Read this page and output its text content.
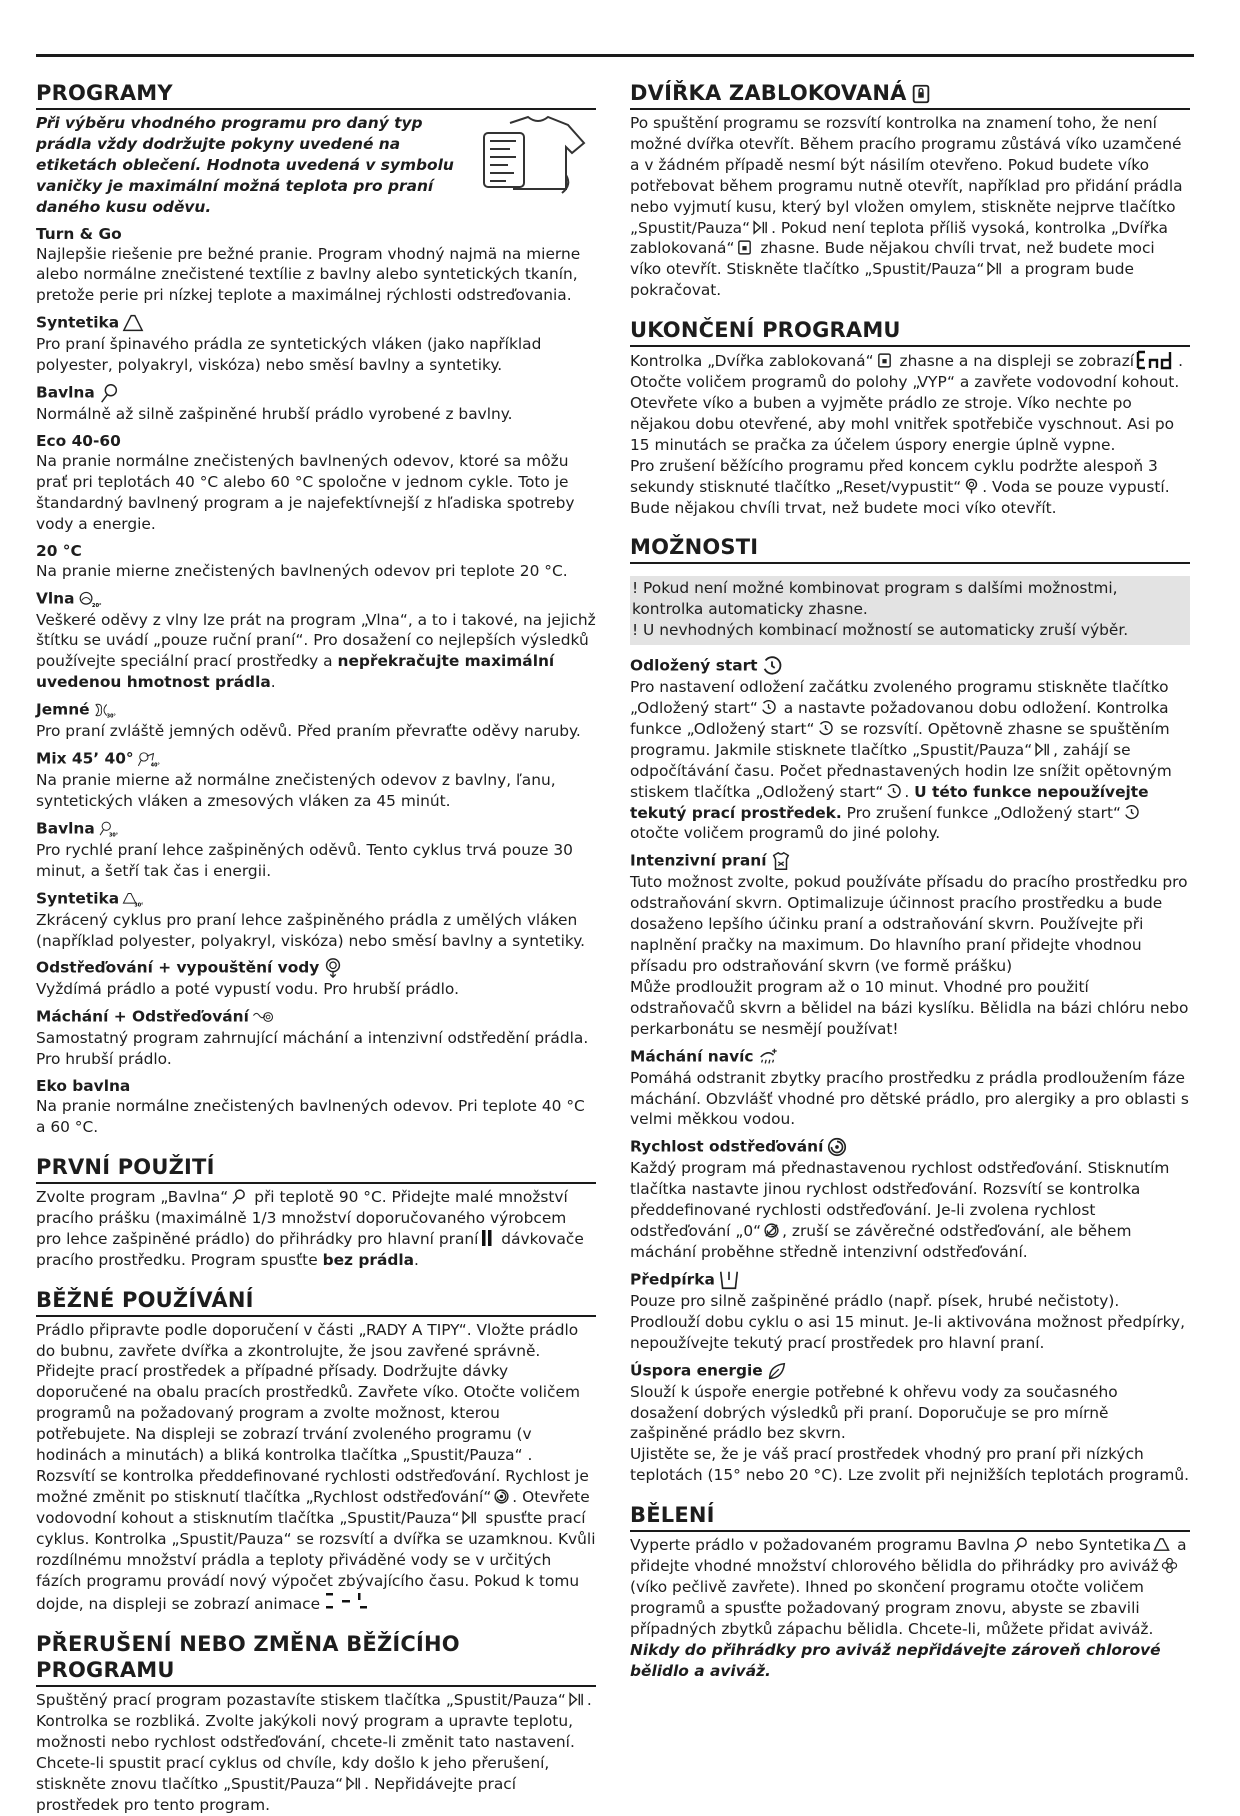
PROGRAMY

Při výběru vhodného programu pro daný typ prádla vždy dodržujte pokyny uvedené na etiketách oblečení. Hodnota uvedená v symbolu vaničky je maximální možná teplota pro praní daného kusu oděvu.

Turn & Go

Najlepšie riešenie pre bežné pranie. Program vhodný najmä na mierne alebo normálne znečistené textílie z bavlny alebo syntetických tkanín, pretože perie pri nízkej teplote a maximálnej rýchlosti odstreďovania.

Syntetika

Pro praní špinavého prádla ze syntetických vláken (jako například polyester, polyakryl, viskóza) nebo směsí bavlny a syntetiky.

Bavlna

Normálně až silně zašpiněné hrubší prádlo vyrobené z bavlny.

Eco 40-60

Na pranie normálne znečistených bavlnených odevov, ktoré sa môžu prať pri teplotách 40 °C alebo 60 °C spoločne v jednom cykle. Toto je štandardný bavlnený program a je najefektívnejší z hľadiska spotreby vody a energie.

20 °C

Na pranie mierne znečistených bavlnených odevov pri teplote 20 °C.

Vlna 20°

Veškeré oděvy z vlny lze prát na program „Vlna“, a to i takové, na jejichž štítku se uvádí „pouze ruční praní“. Pro dosažení co nejlepších výsledků používejte speciální prací prostředky a nepřekračujte maximální uvedenou hmotnost prádla.

Jemné 30°

Pro praní zvláště jemných oděvů. Před praním převraťte oděvy naruby.

Mix 45’ 40° 40°

Na pranie mierne až normálne znečistených odevov z bavlny, ľanu, syntetických vláken a zmesových vláken za 45 minút.

Bavlna 30°

Pro rychlé praní lehce zašpiněných oděvů. Tento cyklus trvá pouze 30 minut, a šetří tak čas i energii.

Syntetika 30°

Zkrácený cyklus pro praní lehce zašpiněného prádla z umělých vláken (například polyester, polyakryl, viskóza) nebo směsí bavlny a syntetiky.

Odstřeďování + vypouštění vody

Vyždímá prádlo a poté vypustí vodu. Pro hrubší prádlo.

Máchání + Odstřeďování

Samostatný program zahrnující máchání a intenzivní odstředění prádla. Pro hrubší prádlo.

Eko bavlna

Na pranie normálne znečistených bavlnených odevov. Pri teplote 40 °C a 60 °C.

PRVNÍ POUŽITÍ

Zvolte program „Bavlna“ při teplotě 90 °C. Přidejte malé množství pracího prášku (maximálně 1/3 množství doporučovaného výrobcem pro lehce zašpiněné prádlo) do přihrádky pro hlavní praní dávkovače pracího prostředku. Program spusťte bez prádla.

BĚŽNÉ POUŽÍVÁNÍ

Prádlo připravte podle doporučení v části „RADY A TIPY“. Vložte prádlo do bubnu, zavřete dvířka a zkontrolujte, že jsou zavřené správně. Přidejte prací prostředek a případné přísady. Dodržujte dávky doporučené na obalu pracích prostředků. Zavřete víko. Otočte voličem programů na požadovaný program a zvolte možnost, kterou potřebujete. Na displeji se zobrazí trvání zvoleného programu (v hodinách a minutách) a bliká kontrolka tlačítka „Spustit/Pauza“ . Rozsvítí se kontrolka předdefinované rychlosti odstřeďování. Rychlost je možné změnit po stisknutí tlačítka „Rychlost odstřeďování“ . Otevřete vodovodní kohout a stisknutím tlačítka „Spustit/Pauza“ spusťte prací cyklus. Kontrolka „Spustit/Pauza“ se rozsvítí a dvířka se uzamknou. Kvůli rozdílnému množství prádla a teploty přiváděné vody se v určitých fázích programu provádí nový výpočet zbývajícího času. Pokud k tomu dojde, na displeji se zobrazí animace

PŘERUŠENÍ NEBO ZMĚNA BĚŽÍCÍHO PROGRAMU

Spuštěný prací program pozastavíte stiskem tlačítka „Spustit/Pauza“ . Kontrolka se rozbliká. Zvolte jakýkoli nový program a upravte teplotu, možnosti nebo rychlost odstřeďování, chcete-li změnit tato nastavení. Chcete-li spustit prací cyklus od chvíle, kdy došlo k jeho přerušení, stiskněte znovu tlačítko „Spustit/Pauza“ . Nepřidávejte prací prostředek pro tento program.

DVÍŘKA ZABLOKOVANÁ

Po spuštění programu se rozsvítí kontrolka na znamení toho, že není možné dvířka otevřít. Během pracího programu zůstává víko uzamčené a v žádném případě nesmí být násilím otevřeno. Pokud budete víko potřebovat během programu nutně otevřít, například pro přidání prádla nebo vyjmutí kusu, který byl vložen omylem, stiskněte nejprve tlačítko „Spustit/Pauza“ . Pokud není teplota příliš vysoká, kontrolka „Dvířka zablokovaná“ zhasne. Bude nějakou chvíli trvat, než budete moci víko otevřít. Stiskněte tlačítko „Spustit/Pauza“ a program bude pokračovat.

UKONČENÍ PROGRAMU

Kontrolka „Dvířka zablokovaná“ zhasne a na displeji se zobrazí	. Otočte voličem programů do polohy „VYP“ a zavřete vodovodní kohout. Otevřete víko a buben a vyjměte prádlo ze stroje. Víko nechte po nějakou dobu otevřené, aby mohl vnitřek spotřebiče vyschnout. Asi po 15 minutách se pračka za účelem úspory energie úplně vypne.

Pro zrušení běžícího programu před koncem cyklu podržte alespoň 3 sekundy stisknuté tlačítko „Reset/vypustit“ . Voda se pouze vypustí. Bude nějakou chvíli trvat, než budete moci víko otevřít.

MOŽNOSTI

! Pokud není možné kombinovat program s dalšími možnostmi, kontrolka automaticky zhasne.

! U nevhodných kombinací možností se automaticky zruší výběr.

Odložený start

Pro nastavení odložení začátku zvoleného programu stiskněte tlačítko „Odložený start“ a nastavte požadovanou dobu odložení. Kontrolka funkce „Odložený start“ se rozsvítí. Opětovně zhasne se spuštěním programu. Jakmile stisknete tlačítko „Spustit/Pauza“ , zahájí se odpočítávání času. Počet přednastavených hodin lze snížit opětovným stiskem tlačítka „Odložený start“ . U této funkce nepoužívejte tekutý prací prostředek. Pro zrušení funkce „Odložený start“ otočte voličem programů do jiné polohy.

Intenzivní praní

Tuto možnost zvolte, pokud používáte přísadu do pracího prostředku pro odstraňování skvrn. Optimalizuje účinnost pracího prostředku a bude dosaženo lepšího účinku praní a odstraňování skvrn. Používejte při naplnění pračky na maximum. Do hlavního praní přidejte vhodnou přísadu pro odstraňování skvrn (ve formě prášku)

Může prodloužit program až o 10 minut. Vhodné pro použití odstraňovačů skvrn a bělidel na bázi kyslíku. Bělidla na bázi chlóru nebo perkarbonátu se nesmějí používat!

Máchání navíc

Pomáhá odstranit zbytky pracího prostředku z prádla prodloužením fáze máchání. Obzvlášť vhodné pro dětské prádlo, pro alergiky a pro oblasti s velmi měkkou vodou.

Rychlost odstřeďování

Každý program má přednastavenou rychlost odstřeďování. Stisknutím tlačítka nastavte jinou rychlost odstřeďování. Rozsvítí se kontrolka předdefinované rychlosti odstřeďování. Je-li zvolena rychlost odstřeďování „0“ , zruší se závěrečné odstřeďování, ale během máchání proběhne středně intenzivní odstřeďování.

Předpírka

Pouze pro silně zašpiněné prádlo (např. písek, hrubé nečistoty). Prodlouží dobu cyklu o asi 15 minut. Je-li aktivována možnost předpírky, nepoužívejte tekutý prací prostředek pro hlavní praní.

Úspora energie

Slouží k úspoře energie potřebné k ohřevu vody za současného dosažení dobrých výsledků při praní. Doporučuje se pro mírně zašpiněné prádlo bez skvrn.

Ujistěte se, že je váš prací prostředek vhodný pro praní při nízkých teplotách (15° nebo 20 °C). Lze zvolit při nejnižších teplotách programů.

BĚLENÍ

Vyperte prádlo v požadovaném programu Bavlna nebo Syntetika a přidejte vhodné množství chlorového bělidla do přihrádky pro aviváž (víko pečlivě zavřete). Ihned po skončení programu otočte voličem programů a spusťte požadovaný program znovu, abyste se zbavili případných zbytků zápachu bělidla. Chcete-li, můžete přidat aviváž. Nikdy do přihrádky pro aviváž nepřidávejte zároveň chlorové bělidlo a aviváž.
